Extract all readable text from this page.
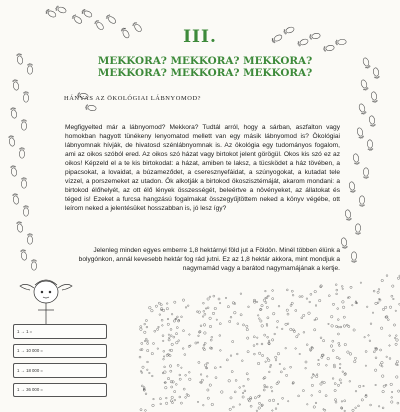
III.
MEKKORA? MEKKORA? MEKKORA?
MEKKORA? MEKKORA? MEKKORA?
HÁNYAS AZ ÖKOLÓGIAI LÁBNYOMOD?

Megfigyelted már a lábnyomod? Mekkora? Tudtál arról, hogy a sárban, aszfalton vagy homokban hagyott tünékeny lenyomatod mellett van egy másik lábnyomod is? Ökológiai lábnyomnak hívják, de hivatosd szénlábnyomnak is. Az ökológia egy tudományos fogalom, ami az oikos szóból ered. Az oikos szó házat vagy birtokot jelent görögül. Okos kis szó ez az oikos! Képzeld el a te kis birtokodat: a házat, amiben te laksz, a tücsködet a ház tövében, a pipacsokat, a lovaidat, a búzameződet, a cseresznyefáidat, a szúnyogokat, a kutadat tele vízzel, a porszemeket az utadon. Ők alkotják a birtokod ökoszisztémáját, akarom mondani: a birtokod élőhelyét, az ott élő lények összességét, beleértve a növényeket, az állatokat és téged is! Ezeket a furcsa hangzású fogalmakat összegyűjtöttem neked a könyv végébe, ott leírom neked a jelentésüket hosszabban is, jó lesz így?

Jelenleg minden egyes emberre 1,8 hektárnyi föld jut a Földön. Minél többen élünk a bolygónkon, annál kevesebb hektár fog rád jutni. Ez az 1,8 hektár akkora, mint mondjuk a nagymamád vagy a barátod nagymamájának a kertje.

1 → 1 =
1 → 10 000 =
1 → 18 000 =
1 → 36 000 =
